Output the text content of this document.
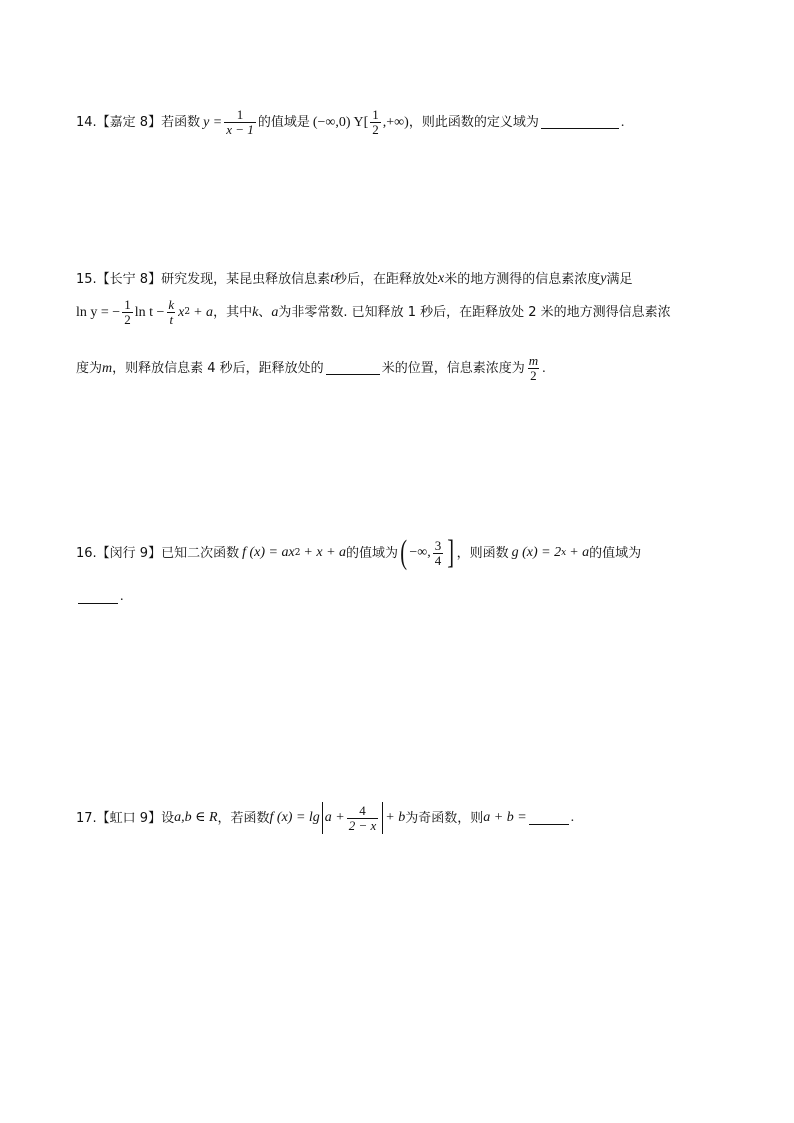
14.【嘉定 8】 若函数 $y = \frac{1}{x - 1}$ 的值域是 (−∞,0) $Y[ \frac{1}{2}$ ,+∞) ，则此函数的定义域为	.
15.【长宁 8】 研究发现，某昆虫释放信息素 t 秒后，在距释放处 x 米的地方测得的信息素浓度 y 满足
ln y = − $\frac{1}{2}$ $\ln t - \frac{k}{t}$ x 2 + a ，其中 k 、 a 为非零常数. 已知释放 1 秒后，在距释放处 2 米的地方测得信息素浓
度为 m ，则释放信息素 4 秒后，距释放处的	米的位置，信息素浓度为 $\frac{m}{2}$ .
16.【闵行 9】 已知二次函数 f (x) = ax 2 + x + a 的值域为 ( −∞, $\frac{3}{4}$ ] ，则函数 g (x) = 2 x + a 的值域为
.
17.【虹口 9】 设 a,b ∈ R ，若函数 f $(x) = \lg a + \frac{4}{2 - x} + b$ 为奇函数，则 a + b =	.
